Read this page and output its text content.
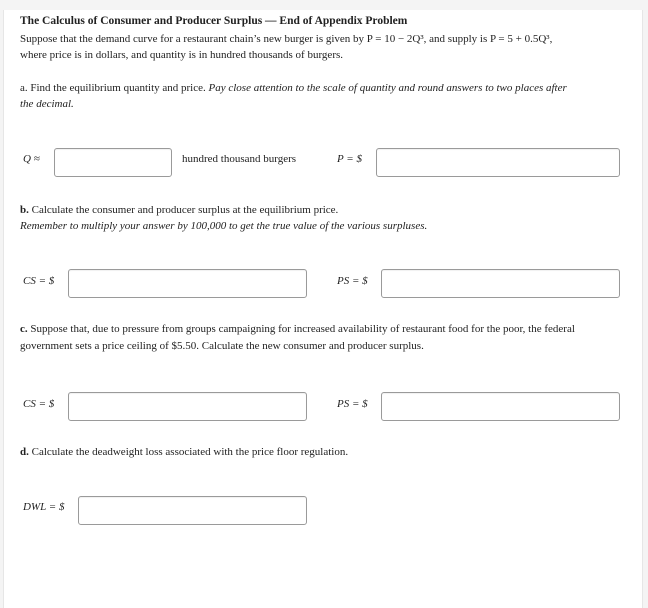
The Calculus of Consumer and Producer Surplus — End of Appendix Problem
Suppose that the demand curve for a restaurant chain’s new burger is given by P = 10 − 2Q³, and supply is P = 5 + 0.5Q³,
where price is in dollars, and quantity is in hundred thousands of burgers.
a. Find the equilibrium quantity and price. Pay close attention to the scale of quantity and round answers to two places after
the decimal.
Q ≈	hundred thousand burgers	P = $
b. Calculate the consumer and producer surplus at the equilibrium price.
Remember to multiply your answer by 100,000 to get the true value of the various surpluses.
CS = $	PS = $
c. Suppose that, due to pressure from groups campaigning for increased availability of restaurant food for the poor, the federal
government sets a price ceiling of $5.50. Calculate the new consumer and producer surplus.
CS = $	PS = $
d. Calculate the deadweight loss associated with the price floor regulation.
DWL = $
